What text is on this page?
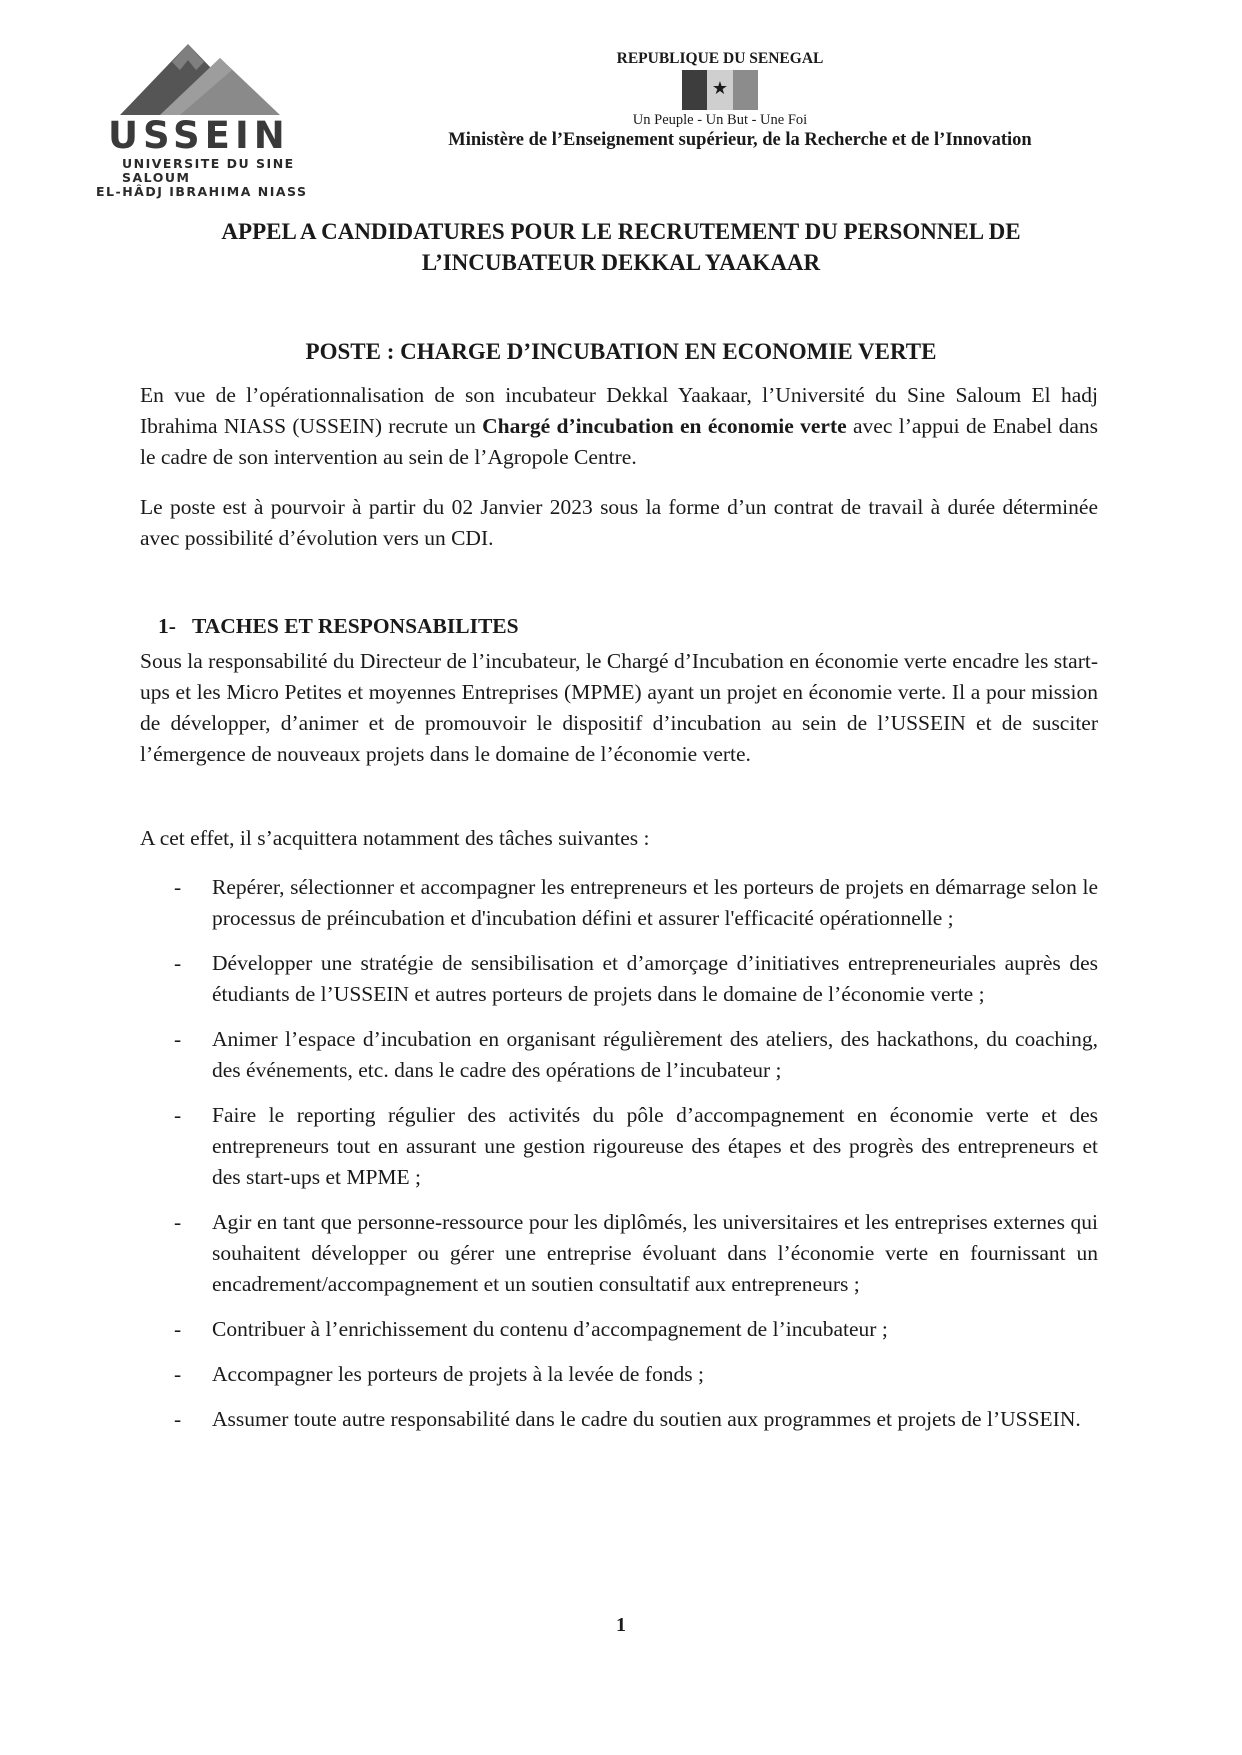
USSEIN
UNIVERSITE DU SINE SALOUM
EL-HÂDJ IBRAHIMA NIASS
REPUBLIQUE DU SENEGAL
★
Un Peuple - Un But - Une Foi
Ministère de l’Enseignement supérieur, de la Recherche et de l’Innovation
APPEL A CANDIDATURES POUR LE RECRUTEMENT DU PERSONNEL DE
L’INCUBATEUR DEKKAL YAAKAAR
POSTE : CHARGE D’INCUBATION EN ECONOMIE VERTE

En vue de l’opérationnalisation de son incubateur Dekkal Yaakaar, l’Université du Sine Saloum El hadj Ibrahima NIASS (USSEIN) recrute un Chargé d’incubation en économie verte avec l’appui de Enabel dans le cadre de son intervention au sein de l’Agropole Centre.

Le poste est à pourvoir à partir du 02 Janvier 2023 sous la forme d’un contrat de travail à durée déterminée avec possibilité d’évolution vers un CDI.

1- TACHES ET RESPONSABILITES

Sous la responsabilité du Directeur de l’incubateur, le Chargé d’Incubation en économie verte encadre les start-ups et les Micro Petites et moyennes Entreprises (MPME) ayant un projet en économie verte. Il a pour mission de développer, d’animer et de promouvoir le dispositif d’incubation au sein de l’USSEIN et de susciter l’émergence de nouveaux projets dans le domaine de l’économie verte.

A cet effet, il s’acquittera notamment des tâches suivantes :

- Repérer, sélectionner et accompagner les entrepreneurs et les porteurs de projets en démarrage selon le processus de préincubation et d'incubation défini et assurer l'efficacité opérationnelle ;
- Développer une stratégie de sensibilisation et d’amorçage d’initiatives entrepreneuriales auprès des étudiants de l’USSEIN et autres porteurs de projets dans le domaine de l’économie verte ;
- Animer l’espace d’incubation en organisant régulièrement des ateliers, des hackathons, du coaching, des événements, etc. dans le cadre des opérations de l’incubateur ;
- Faire le reporting régulier des activités du pôle d’accompagnement en économie verte et des entrepreneurs tout en assurant une gestion rigoureuse des étapes et des progrès des entrepreneurs et des start-ups et MPME ;
- Agir en tant que personne-ressource pour les diplômés, les universitaires et les entreprises externes qui souhaitent développer ou gérer une entreprise évoluant dans l’économie verte en fournissant un encadrement/accompagnement et un soutien consultatif aux entrepreneurs ;
- Contribuer à l’enrichissement du contenu d’accompagnement de l’incubateur ;
- Accompagner les porteurs de projets à la levée de fonds ;
- Assumer toute autre responsabilité dans le cadre du soutien aux programmes et projets de l’USSEIN.
1
